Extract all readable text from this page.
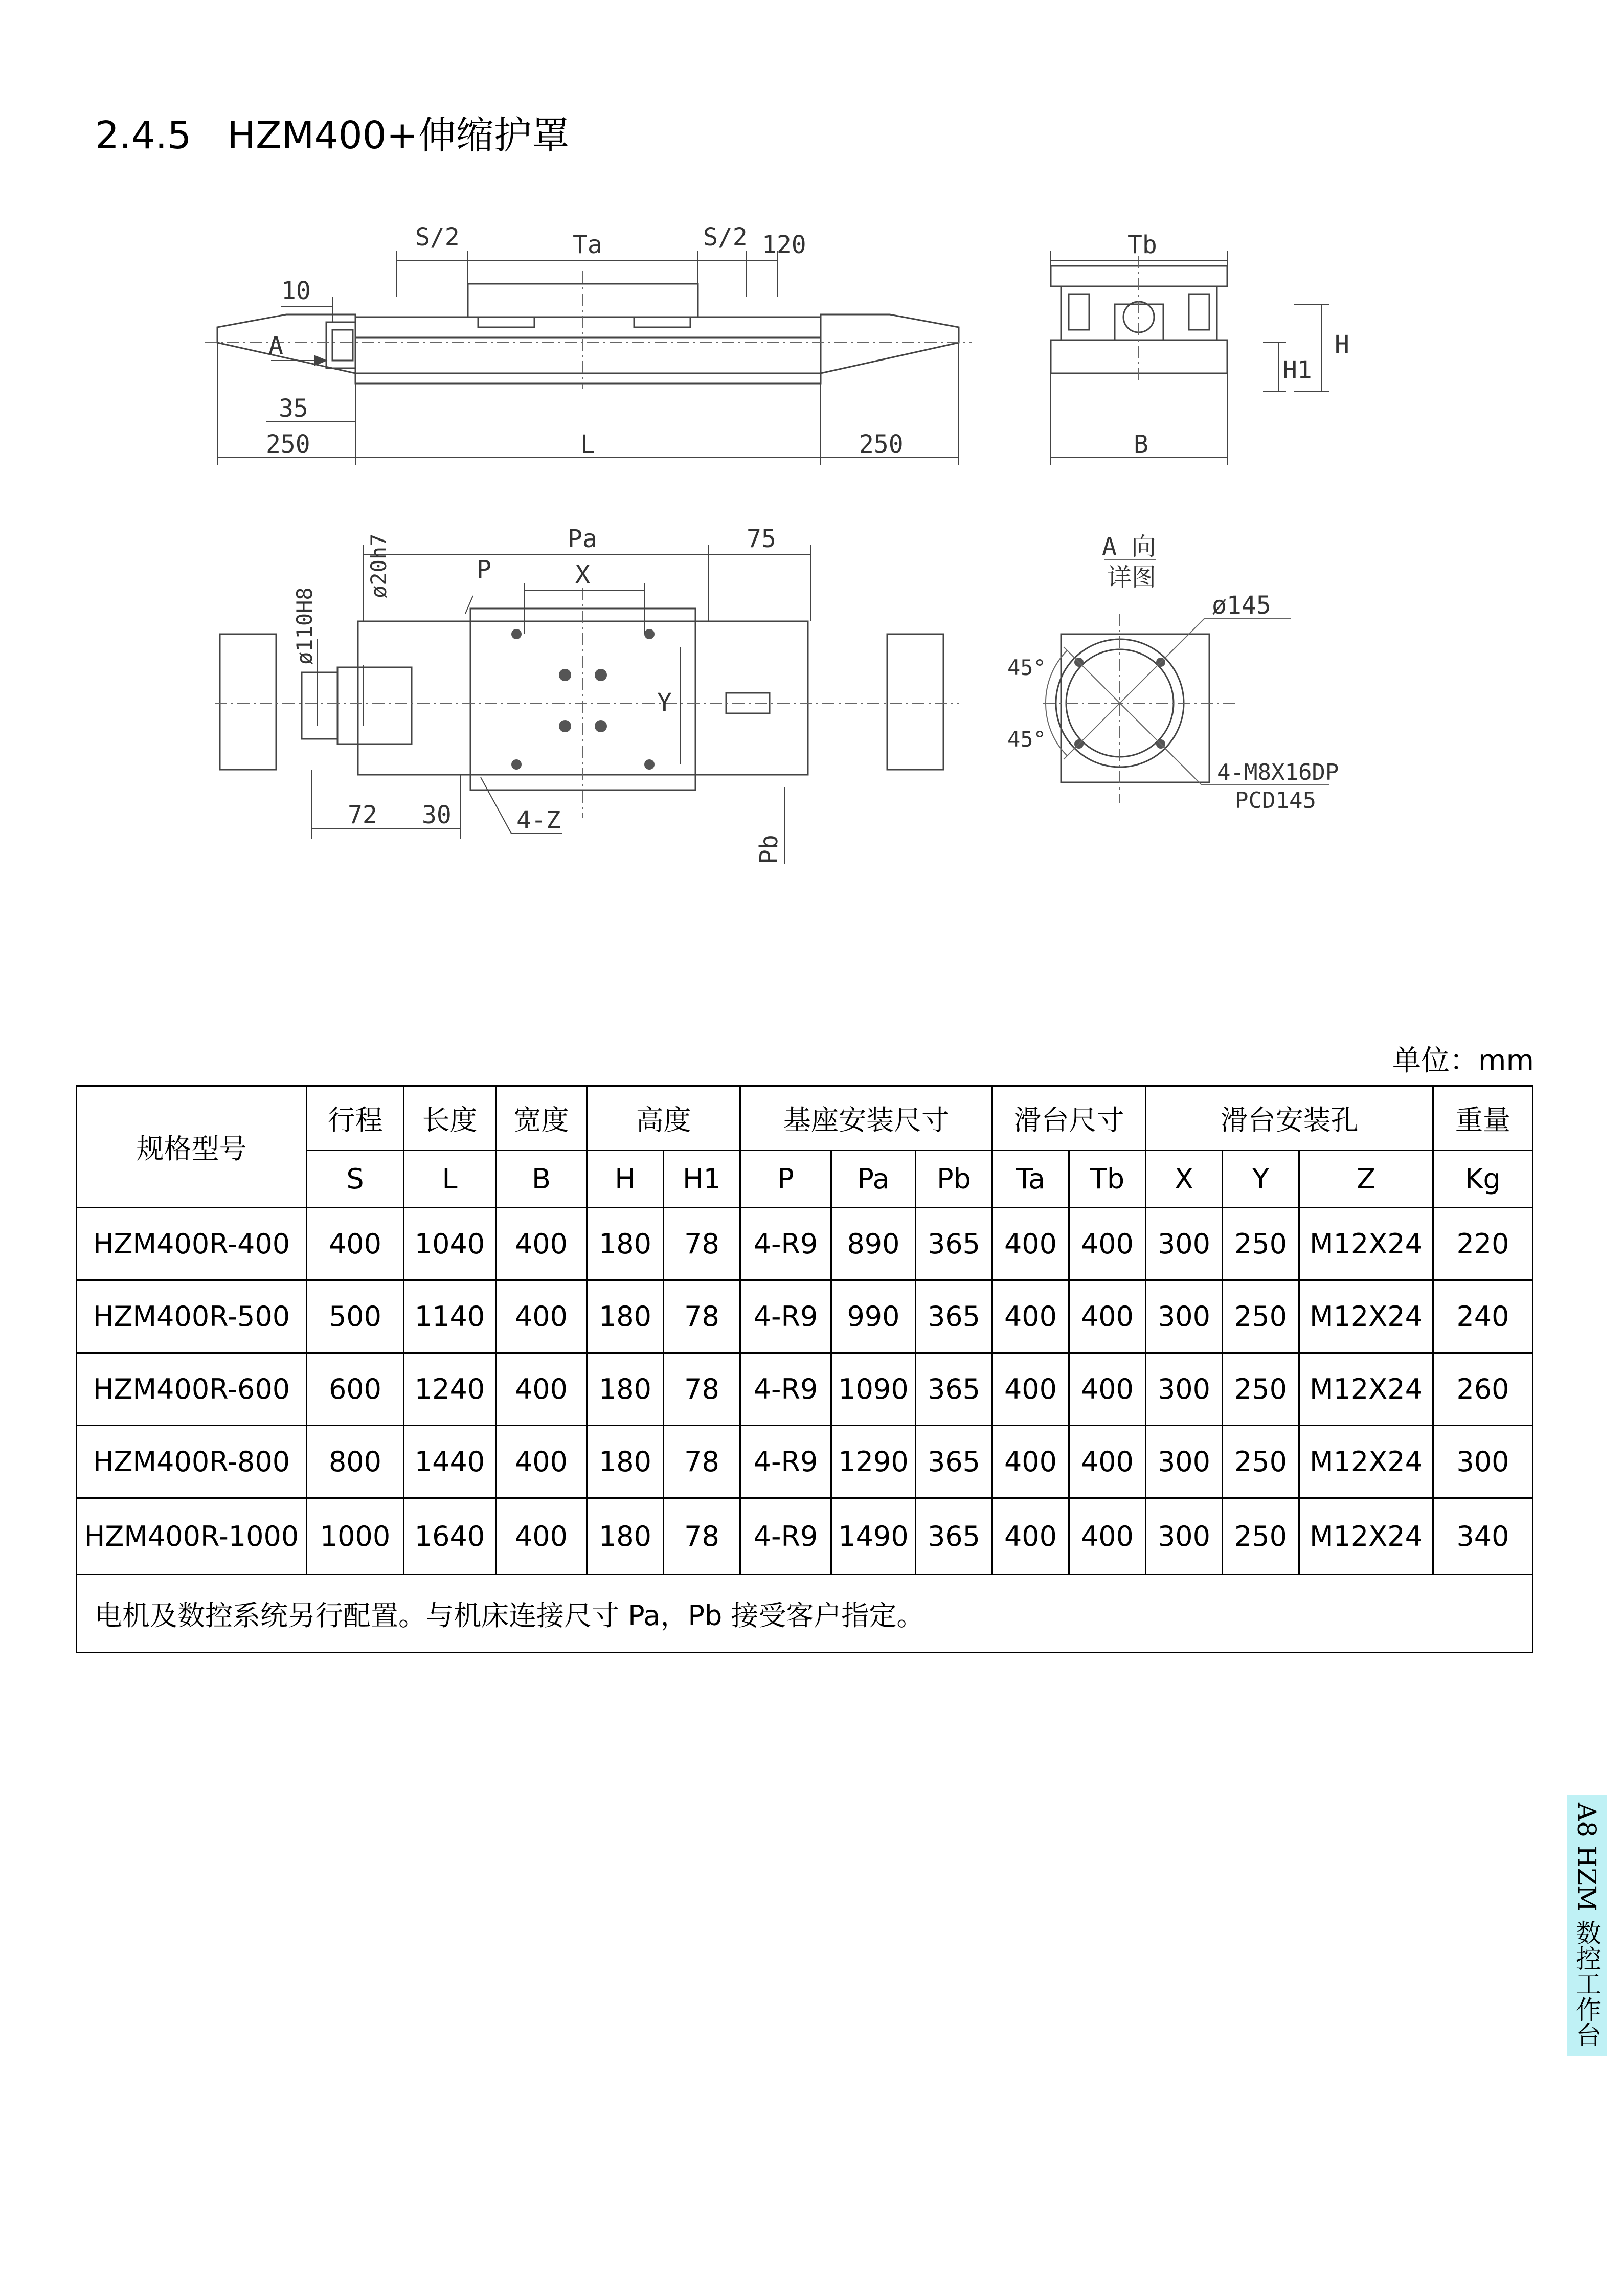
2.4.5 HZM400+伸缩护罩
S/2	Ta	S/2 120
10
A
35
250	L	250
Tb
H
H1
B
Pa	75
P	X
Y
ø20h7
ø110H8
72 30	4-Z
Pb
A 向
详图
ø145
45°
45°
4-M8X16DP
PCD145
单位：mm
规格型号	行程	长度	宽度	高度		基座安装尺寸			滑台尺寸		滑台安装孔			重量
	S	L	B	H	H1	P	Pa	Pb	Ta	Tb	X	Y	Z	Kg
HZM400R-400	400	1040	400	180	78	4-R9	890	365	400	400	300	250	M12X24	220
HZM400R-500	500	1140	400	180	78	4-R9	990	365	400	400	300	250	M12X24	240
HZM400R-600	600	1240	400	180	78	4-R9	1090	365	400	400	300	250	M12X24	260
HZM400R-800	800	1440	400	180	78	4-R9	1290	365	400	400	300	250	M12X24	300
HZM400R-1000	1000	1640	400	180	78	4-R9	1490	365	400	400	300	250	M12X24	340
电机及数控系统另行配置。与机床连接尺寸 Pa，Pb 接受客户指定。														
A8 HZM 数控工作台
